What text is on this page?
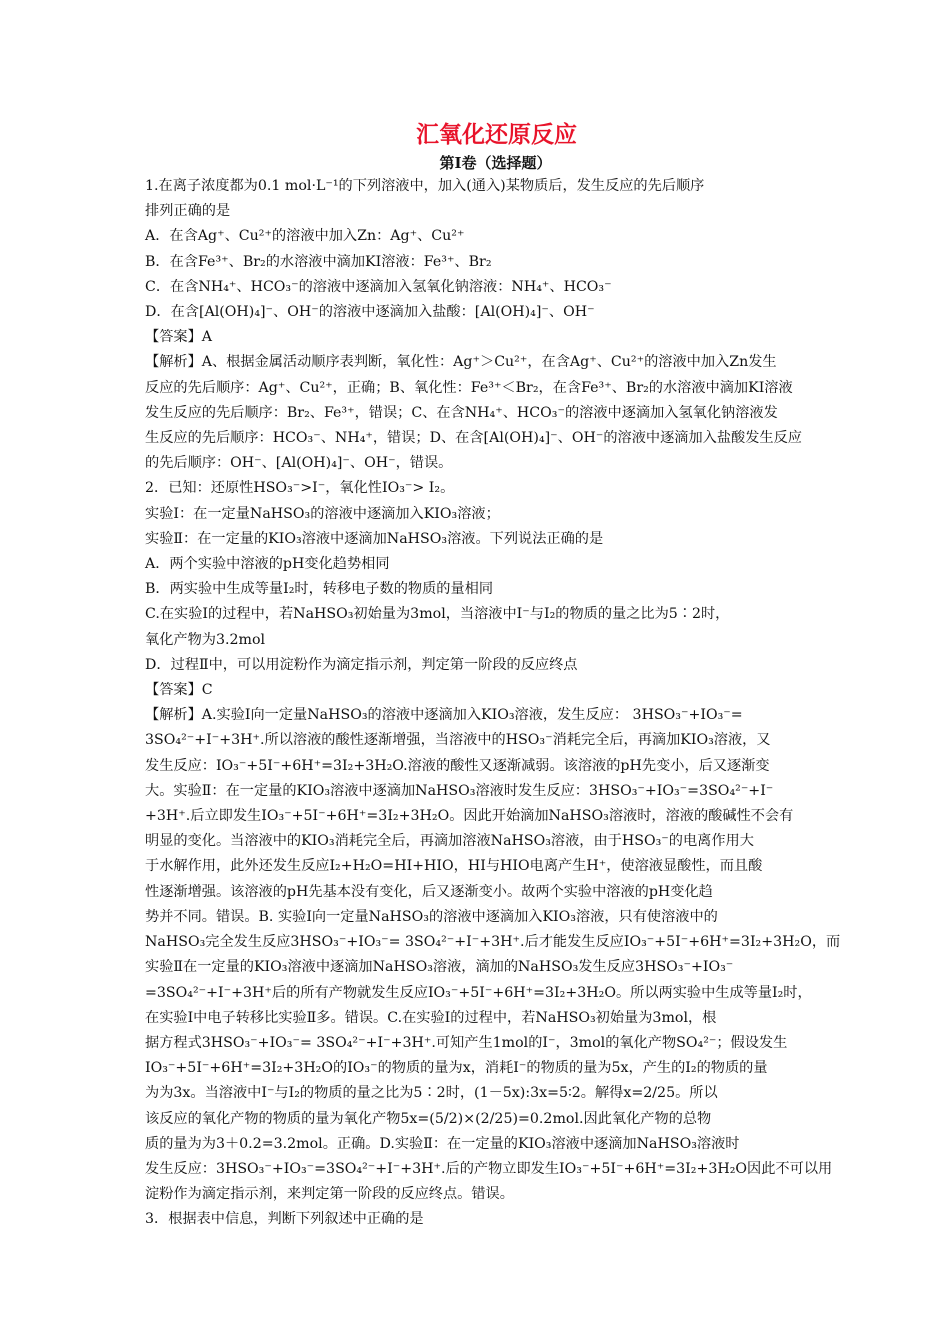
汇氧化还原反应
第Ⅰ卷（选择题）
1.在离子浓度都为0.1 mol·L⁻¹的下列溶液中，加入(通入)某物质后，发生反应的先后顺序
排列正确的是
A．在含Ag⁺、Cu²⁺的溶液中加入Zn：Ag⁺、Cu²⁺
B．在含Fe³⁺、Br₂的水溶液中滴加KI溶液：Fe³⁺、Br₂
C．在含NH₄⁺、HCO₃⁻的溶液中逐滴加入氢氧化钠溶液：NH₄⁺、HCO₃⁻
D．在含[Al(OH)₄]⁻、OH⁻的溶液中逐滴加入盐酸：[Al(OH)₄]⁻、OH⁻
【答案】A
【解析】A、根据金属活动顺序表判断，氧化性：Ag⁺＞Cu²⁺，在含Ag⁺、Cu²⁺的溶液中加入Zn发生
反应的先后顺序：Ag⁺、Cu²⁺，正确；B、氧化性：Fe³⁺＜Br₂，在含Fe³⁺、Br₂的水溶液中滴加KI溶液
发生反应的先后顺序：Br₂、Fe³⁺，错误；C、在含NH₄⁺、HCO₃⁻的溶液中逐滴加入氢氧化钠溶液发
生反应的先后顺序：HCO₃⁻、NH₄⁺，错误；D、在含[Al(OH)₄]⁻、OH⁻的溶液中逐滴加入盐酸发生反应
的先后顺序：OH⁻、[Al(OH)₄]⁻、OH⁻，错误。
2．已知：还原性HSO₃⁻>I⁻，氧化性IO₃⁻> I₂。
实验Ⅰ：在一定量NaHSO₃的溶液中逐滴加入KIO₃溶液；
实验Ⅱ：在一定量的KIO₃溶液中逐滴加NaHSO₃溶液。下列说法正确的是
A．两个实验中溶液的pH变化趋势相同
B．两实验中生成等量I₂时，转移电子数的物质的量相同
C.在实验Ⅰ的过程中，若NaHSO₃初始量为3mol，当溶液中I⁻与I₂的物质的量之比为5∶2时，
氧化产物为3.2mol
D．过程Ⅱ中，可以用淀粉作为滴定指示剂，判定第一阶段的反应终点
【答案】C
【解析】A.实验Ⅰ向一定量NaHSO₃的溶液中逐滴加入KIO₃溶液，发生反应： 3HSO₃⁻+IO₃⁻=
3SO₄²⁻+I⁻+3H⁺.所以溶液的酸性逐渐增强，当溶液中的HSO₃⁻消耗完全后，再滴加KIO₃溶液，又
发生反应：IO₃⁻+5I⁻+6H⁺=3I₂+3H₂O.溶液的酸性又逐渐减弱。该溶液的pH先变小，后又逐渐变
大。实验Ⅱ：在一定量的KIO₃溶液中逐滴加NaHSO₃溶液时发生反应：3HSO₃⁻+IO₃⁻=3SO₄²⁻+I⁻
+3H⁺.后立即发生IO₃⁻+5I⁻+6H⁺=3I₂+3H₂O。因此开始滴加NaHSO₃溶液时，溶液的酸碱性不会有
明显的变化。当溶液中的KIO₃消耗完全后，再滴加溶液NaHSO₃溶液，由于HSO₃⁻的电离作用大
于水解作用，此外还发生反应I₂+H₂O=HI+HIO，HI与HIO电离产生H⁺，使溶液显酸性，而且酸
性逐渐增强。该溶液的pH先基本没有变化，后又逐渐变小。故两个实验中溶液的pH变化趋
势并不同。错误。B. 实验Ⅰ向一定量NaHSO₃的溶液中逐滴加入KIO₃溶液，只有使溶液中的
NaHSO₃完全发生反应3HSO₃⁻+IO₃⁻= 3SO₄²⁻+I⁻+3H⁺.后才能发生反应IO₃⁻+5I⁻+6H⁺=3I₂+3H₂O，而
实验Ⅱ在一定量的KIO₃溶液中逐滴加NaHSO₃溶液，滴加的NaHSO₃发生反应3HSO₃⁻+IO₃⁻
=3SO₄²⁻+I⁻+3H⁺后的所有产物就发生反应IO₃⁻+5I⁻+6H⁺=3I₂+3H₂O。所以两实验中生成等量I₂时，
在实验Ⅰ中电子转移比实验Ⅱ多。错误。C.在实验Ⅰ的过程中，若NaHSO₃初始量为3mol，根
据方程式3HSO₃⁻+IO₃⁻= 3SO₄²⁻+I⁻+3H⁺.可知产生1mol的I⁻，3mol的氧化产物SO₄²⁻；假设发生
IO₃⁻+5I⁻+6H⁺=3I₂+3H₂O的IO₃⁻的物质的量为x，消耗I⁻的物质的量为5x，产生的I₂的物质的量
为为3x。当溶液中I⁻与I₂的物质的量之比为5∶2时，(1－5x):3x=5∶2。解得x=2/25。所以
该反应的氧化产物的物质的量为氧化产物5x=(5/2)×(2/25)=0.2mol.因此氧化产物的总物
质的量为为3＋0.2=3.2mol。正确。D.实验Ⅱ：在一定量的KIO₃溶液中逐滴加NaHSO₃溶液时
发生反应：3HSO₃⁻+IO₃⁻=3SO₄²⁻+I⁻+3H⁺.后的产物立即发生IO₃⁻+5I⁻+6H⁺=3I₂+3H₂O因此不可以用
淀粉作为滴定指示剂，来判定第一阶段的反应终点。错误。
3．根据表中信息，判断下列叙述中正确的是
